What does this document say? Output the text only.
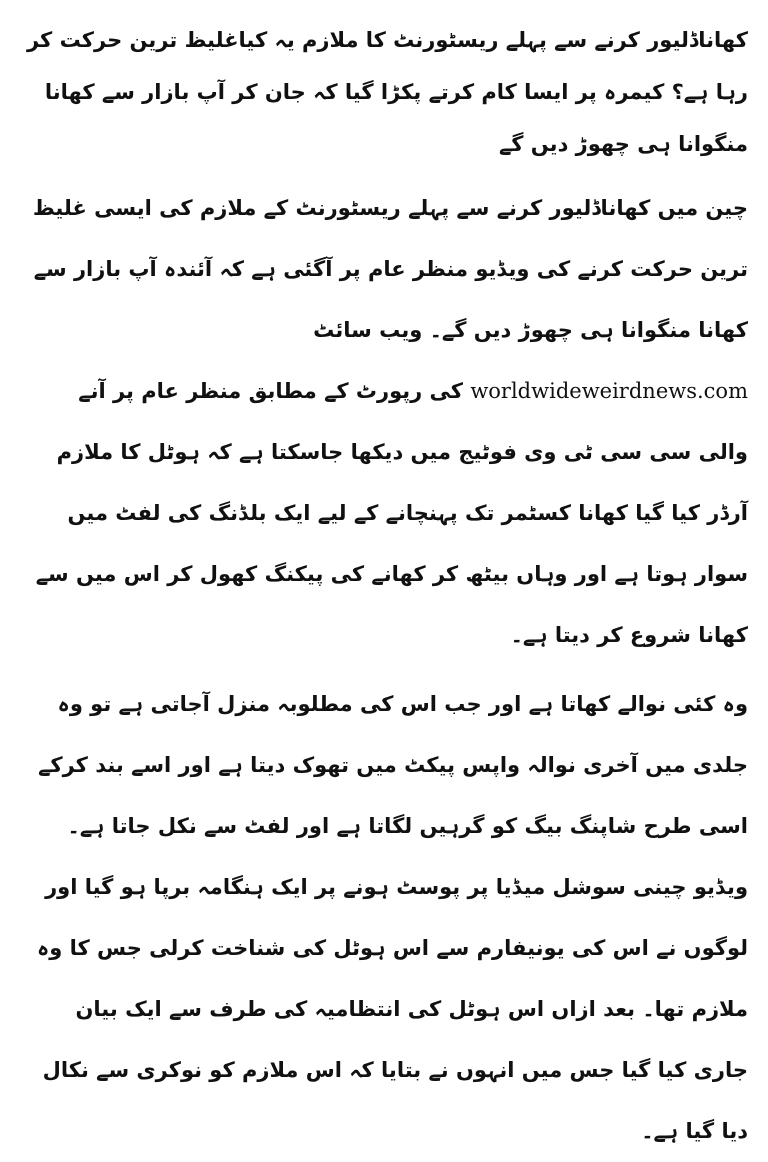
کھاناڈلیور کرنے سے پہلے ریسٹورنٹ کا ملازم یہ کیاغلیظ ترین حرکت کر رہا ہے؟ کیمرہ پر ایسا کام کرتے پکڑا گیا کہ جان کر آپ بازار سے کھانا منگوانا ہی چھوڑ دیں گے

چین میں کھاناڈلیور کرنے سے پہلے ریسٹورنٹ کے ملازم کی ایسی غلیظ ترین حرکت کرنے کی ویڈیو منظر عام پر آگئی ہے کہ آئندہ آپ بازار سے کھانا منگوانا ہی چھوڑ دیں گے۔ ویب سائٹ

worldwideweirdnews.com کی رپورٹ کے مطابق منظر عام پر آنے والی سی سی ٹی وی فوٹیج میں دیکھا جاسکتا ہے کہ ہوٹل کا ملازم آرڈر کیا گیا کھانا کسٹمر تک پہنچانے کے لیے ایک بلڈنگ کی لفٹ میں سوار ہوتا ہے اور وہاں بیٹھ کر کھانے کی پیکنگ کھول کر اس میں سے کھانا شروع کر دیتا ہے۔

وہ کئی نوالے کھاتا ہے اور جب اس کی مطلوبہ منزل آجاتی ہے تو وہ جلدی میں آخری نوالہ واپس پیکٹ میں تھوک دیتا ہے اور اسے بند کرکے اسی طرح شاپنگ بیگ کو گرہیں لگاتا ہے اور لفٹ سے نکل جاتا ہے۔ ویڈیو چینی سوشل میڈیا پر پوسٹ ہونے پر ایک ہنگامہ برپا ہو گیا اور لوگوں نے اس کی یونیفارم سے اس ہوٹل کی شناخت کرلی جس کا وہ ملازم تھا۔ بعد ازاں اس ہوٹل کی انتظامیہ کی طرف سے ایک بیان جاری کیا گیا جس میں انہوں نے بتایا کہ اس ملازم کو نوکری سے نکال دیا گیا ہے۔
